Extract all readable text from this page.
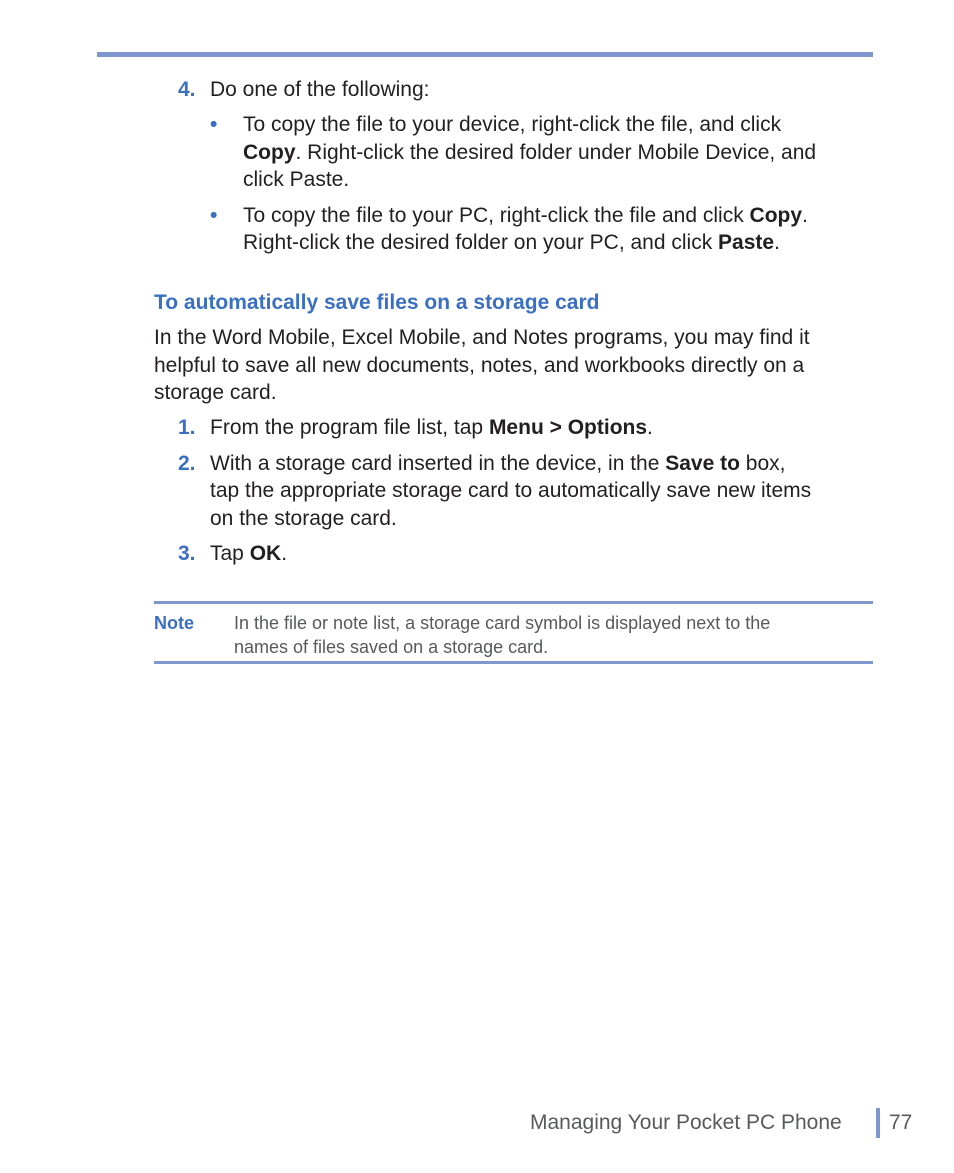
4. Do one of the following:
• To copy the file to your device, right-click the file, and click
Copy. Right-click the desired folder under Mobile Device, and
click Paste.
• To copy the file to your PC, right-click the file and click Copy.
Right-click the desired folder on your PC, and click Paste.
To automatically save files on a storage card
In the Word Mobile, Excel Mobile, and Notes programs, you may find it
helpful to save all new documents, notes, and workbooks directly on a
storage card.
1. From the program file list, tap Menu > Options.
2. With a storage card inserted in the device, in the Save to box,
tap the appropriate storage card to automatically save new items
on the storage card.
3. Tap OK.
Note In the file or note list, a storage card symbol is displayed next to the
names of files saved on a storage card.
Managing Your Pocket PC Phone 77
